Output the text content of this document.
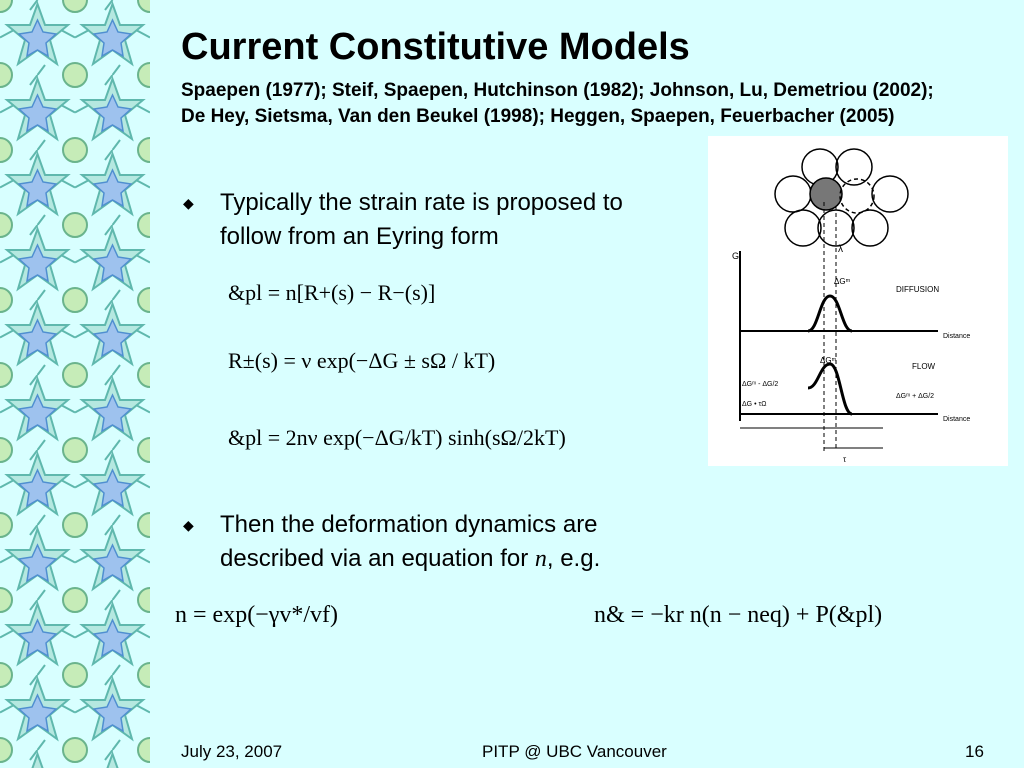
Current Constitutive Models

Spaepen (1977); Steif, Spaepen, Hutchinson (1982); Johnson, Lu, Demetriou (2002); De Hey, Sietsma, Van den Beukel (1998); Heggen, Spaepen, Feuerbacher (2005)

◆ Typically the strain rate is proposed to
follow from an Eyring form
&pl = n[R+(s) − R−(s)]
R±(s) = ν exp(−ΔG ± sΩ / kT)
&pl = 2nν exp(−ΔG/kT) sinh(sΩ/2kT)
◆ Then the deformation dynamics are
described via an equation for n, e.g.
n = exp(−γv*/vf)	n& = −kr n(n − neq) + P(&pl)
λ
G
ΔGᵐ
DIFFUSION
Distance
ΔGᵐ
FLOW
ΔGᵐ - ΔG/2
ΔG • τΩ
ΔGᵐ + ΔG/2
Distance
τ
July 23, 2007	PITP @ UBC Vancouver	16
